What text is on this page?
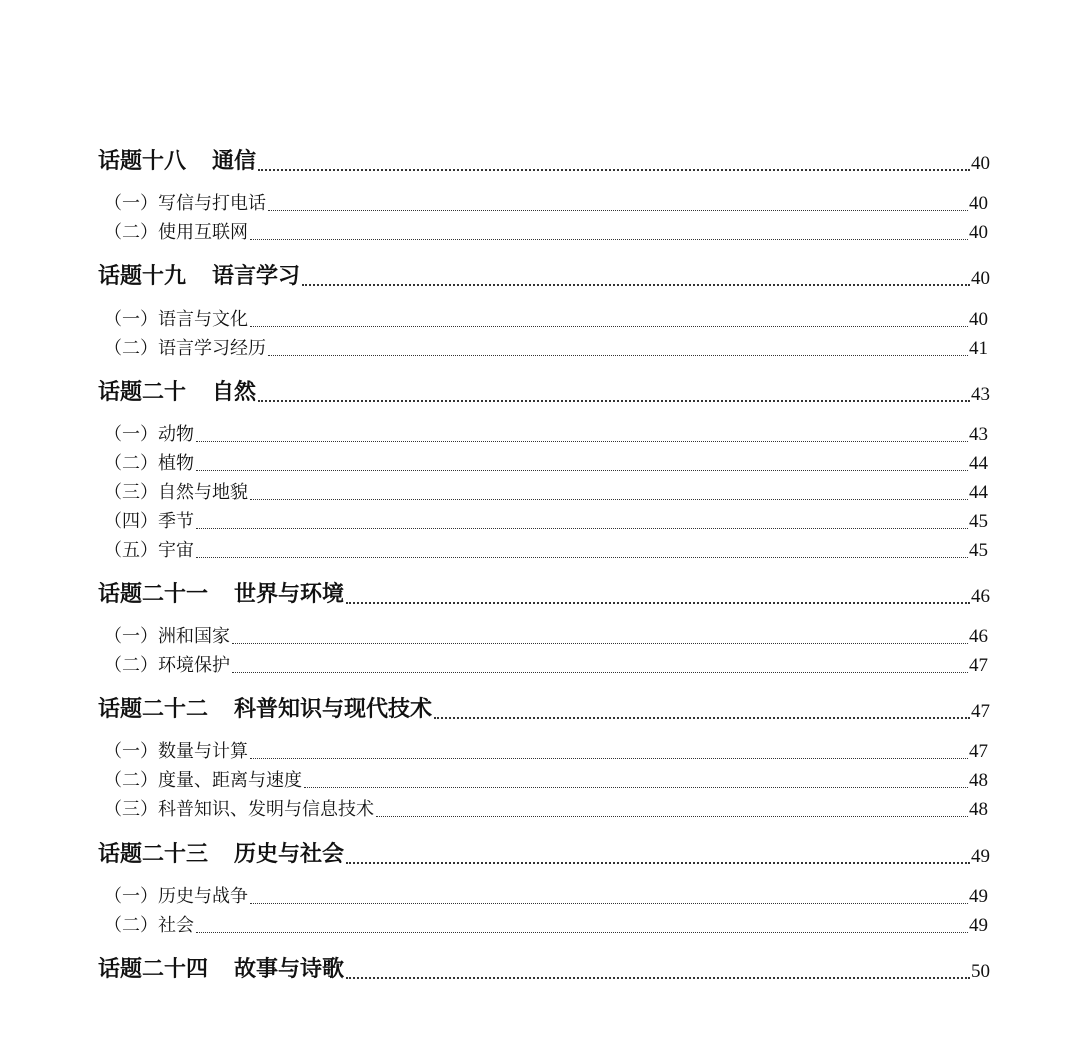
话题十八 通信	40
（一）写信与打电话	40
（二）使用互联网	40
话题十九 语言学习	40
（一）语言与文化	40
（二）语言学习经历	41
话题二十 自然	43
（一）动物	43
（二）植物	44
（三）自然与地貌	44
（四）季节	45
（五）宇宙	45
话题二十一 世界与环境	46
（一）洲和国家	46
（二）环境保护	47
话题二十二 科普知识与现代技术	47
（一）数量与计算	47
（二）度量、距离与速度	48
（三）科普知识、发明与信息技术	48
话题二十三 历史与社会	49
（一）历史与战争	49
（二）社会	49
话题二十四 故事与诗歌	50
